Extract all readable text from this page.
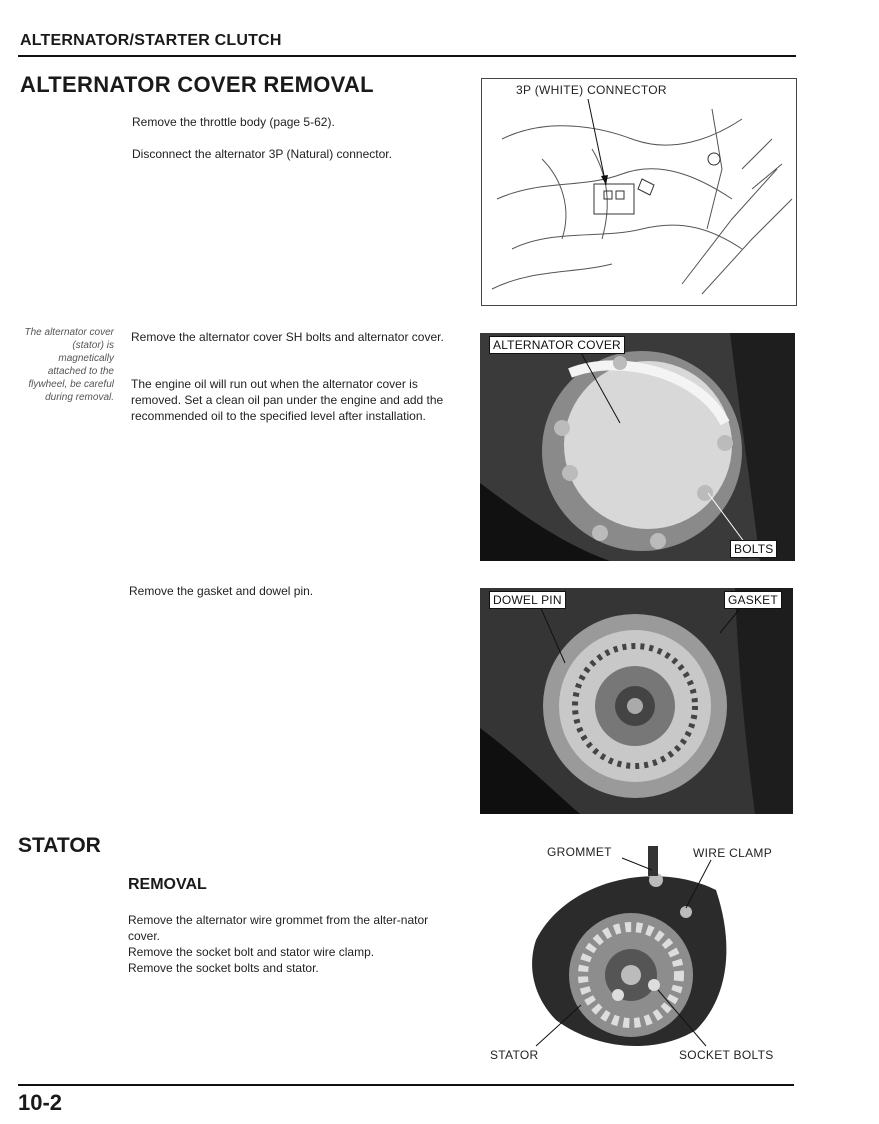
ALTERNATOR/STARTER CLUTCH
ALTERNATOR COVER REMOVAL
Remove the throttle body (page 5-62).
Disconnect the alternator 3P (Natural) connector.
The alternator cover (stator) is magnetically attached to the flywheel, be careful during removal.
Remove the alternator cover SH bolts and alternator cover.
The engine oil will run out when the alternator cover is removed. Set a clean oil pan under the engine and add the recommended oil to the specified level after installation.
Remove the gasket and dowel pin.
3P (WHITE) CONNECTOR
ALTERNATOR COVER
BOLTS
DOWEL PIN	GASKET
STATOR
REMOVAL
Remove the alternator wire grommet from the alter-nator cover.
Remove the socket bolt and stator wire clamp.
Remove the socket bolts and stator.
GROMMET	WIRE CLAMP
STATOR	SOCKET BOLTS
10-2
